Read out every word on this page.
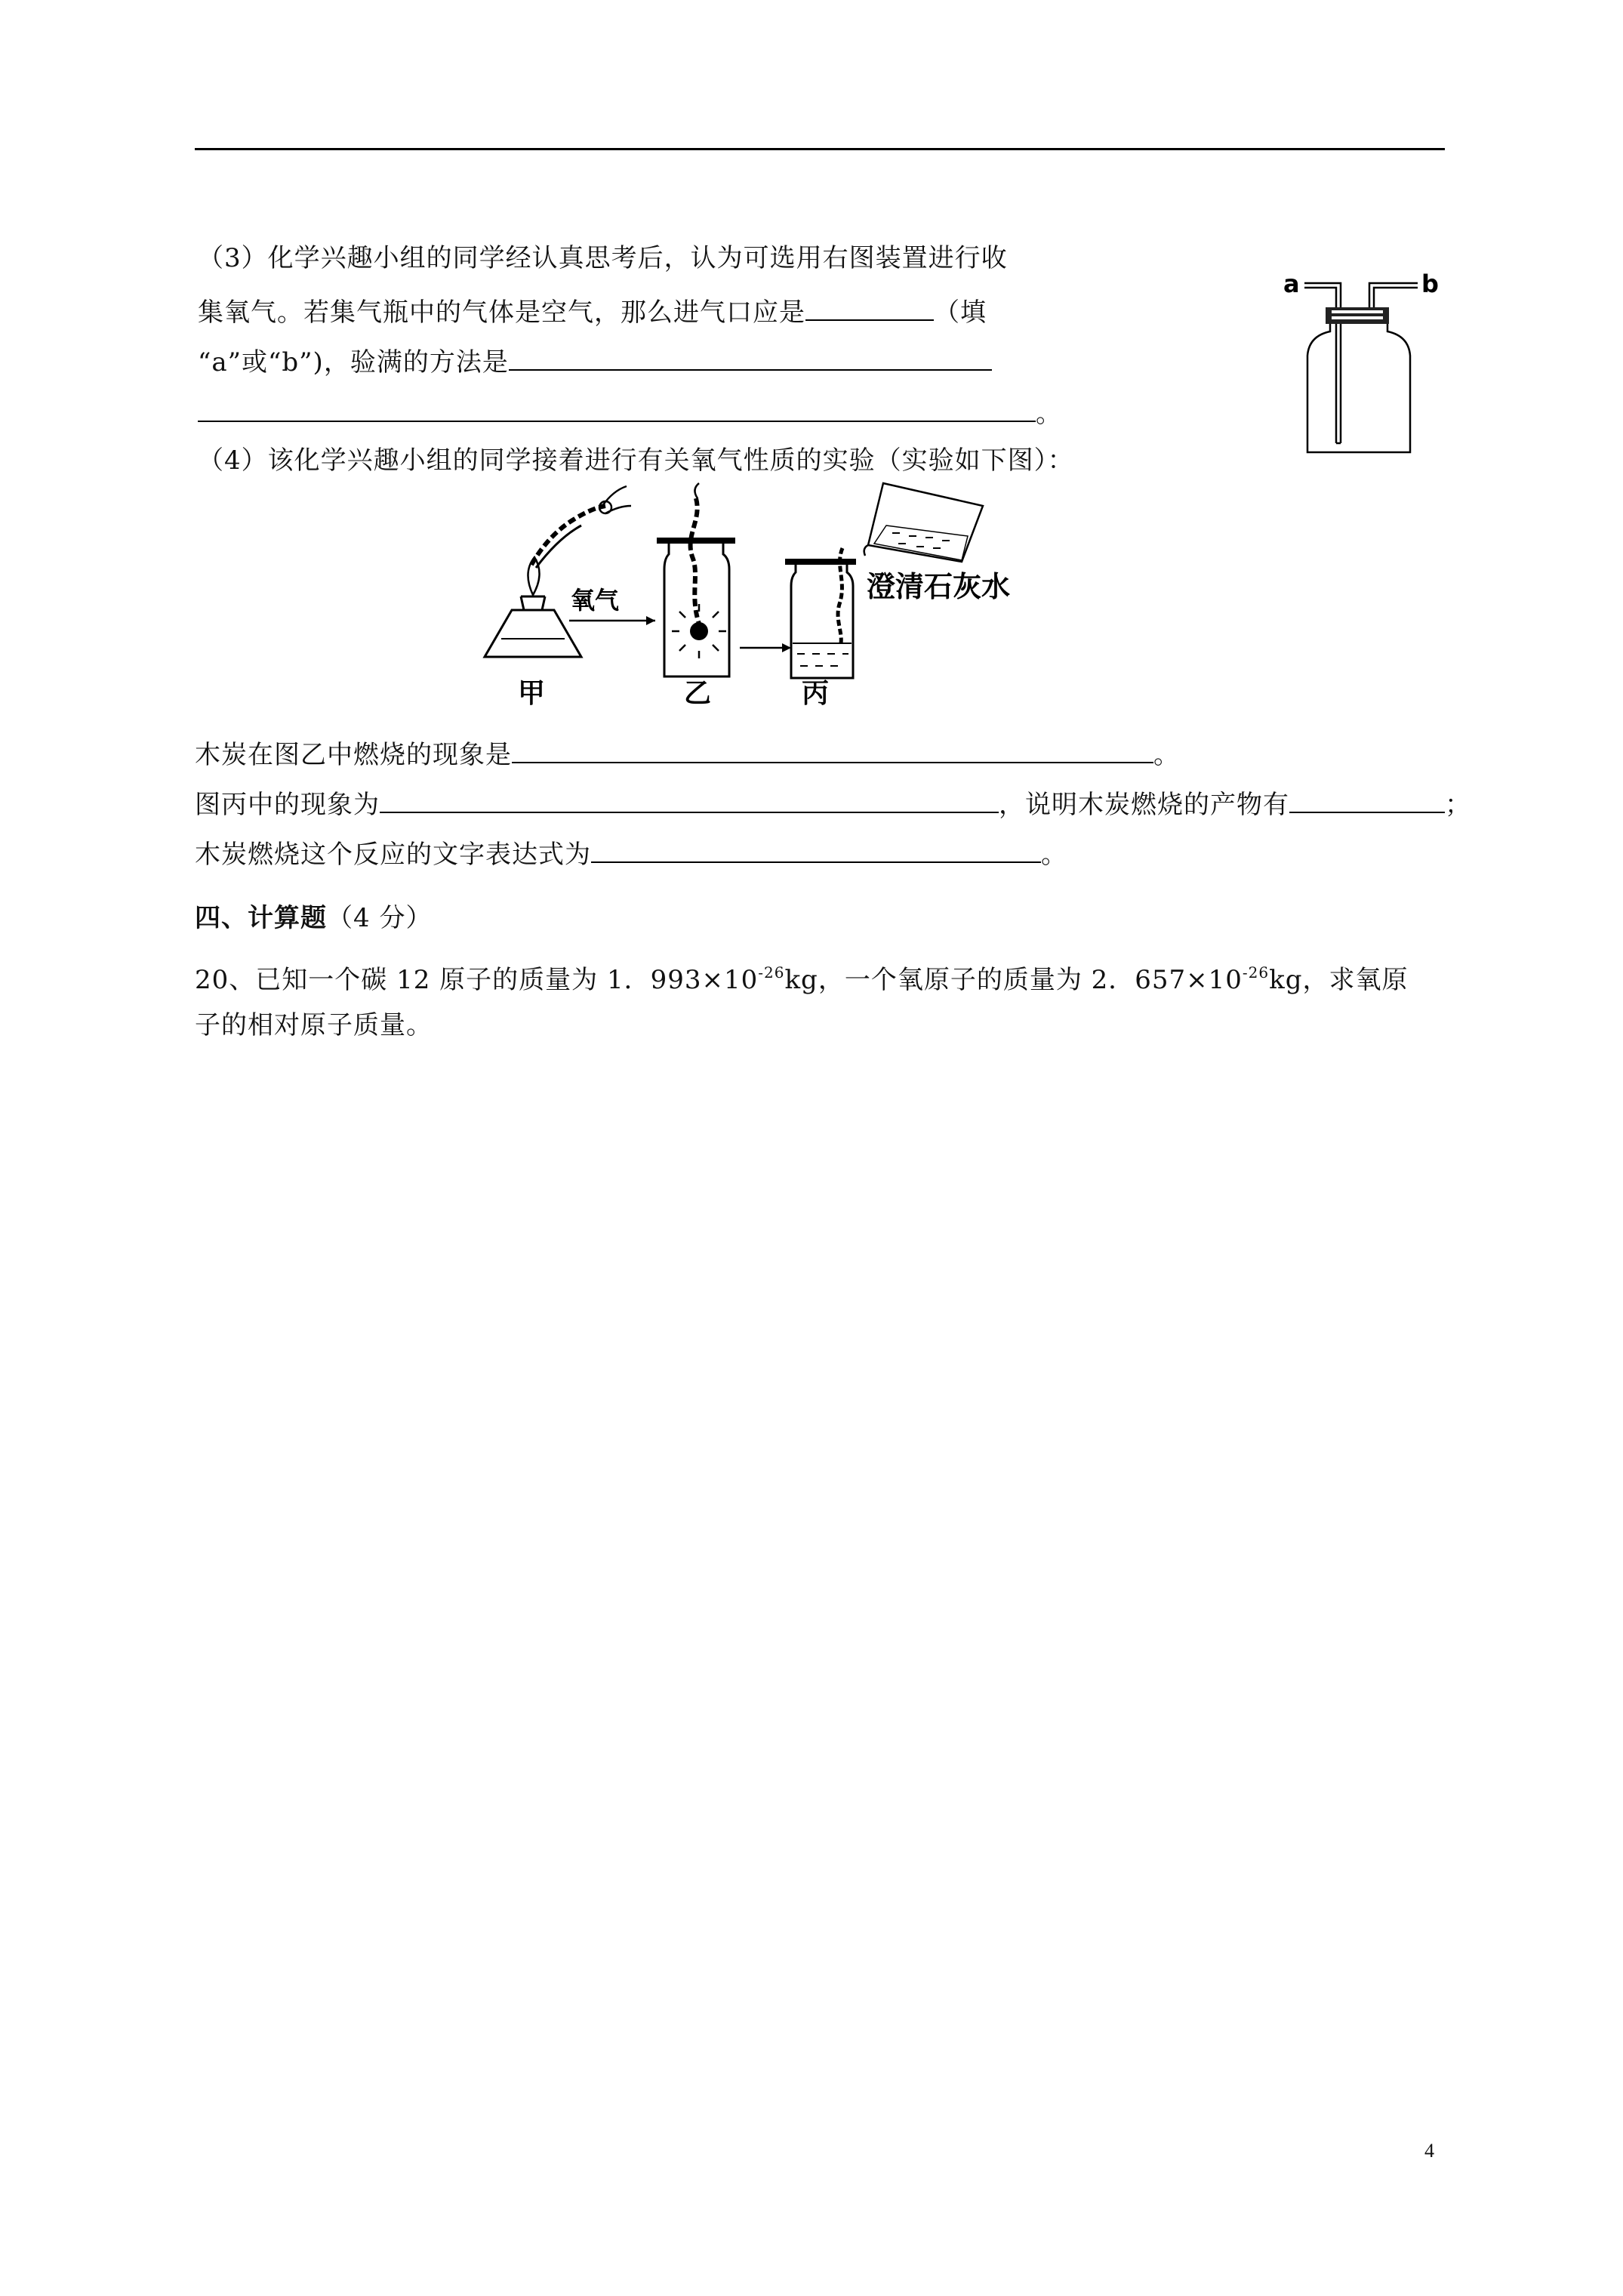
（3）化学兴趣小组的同学经认真思考后，认为可选用右图装置进行收
集氧气。若集气瓶中的气体是空气，那么进气口应是	（填
“a”或“b”)，验满的方法是
。
a	b
（4）该化学兴趣小组的同学接着进行有关氧气性质的实验（实验如下图）：
甲
氧气
乙	丙
澄清石灰水
木炭在图乙中燃烧的现象是	。
图丙中的现象为	，说明木炭燃烧的产物有	；
木炭燃烧这个反应的文字表达式为	。
四、计算题（4 分）
20、已知一个碳 12 原子的质量为 1．$993\times 10^{-26}kg$，一个氧原子的质量为 2．$657\times 10^{-26}kg$，求氧原
子的相对原子质量。
4
